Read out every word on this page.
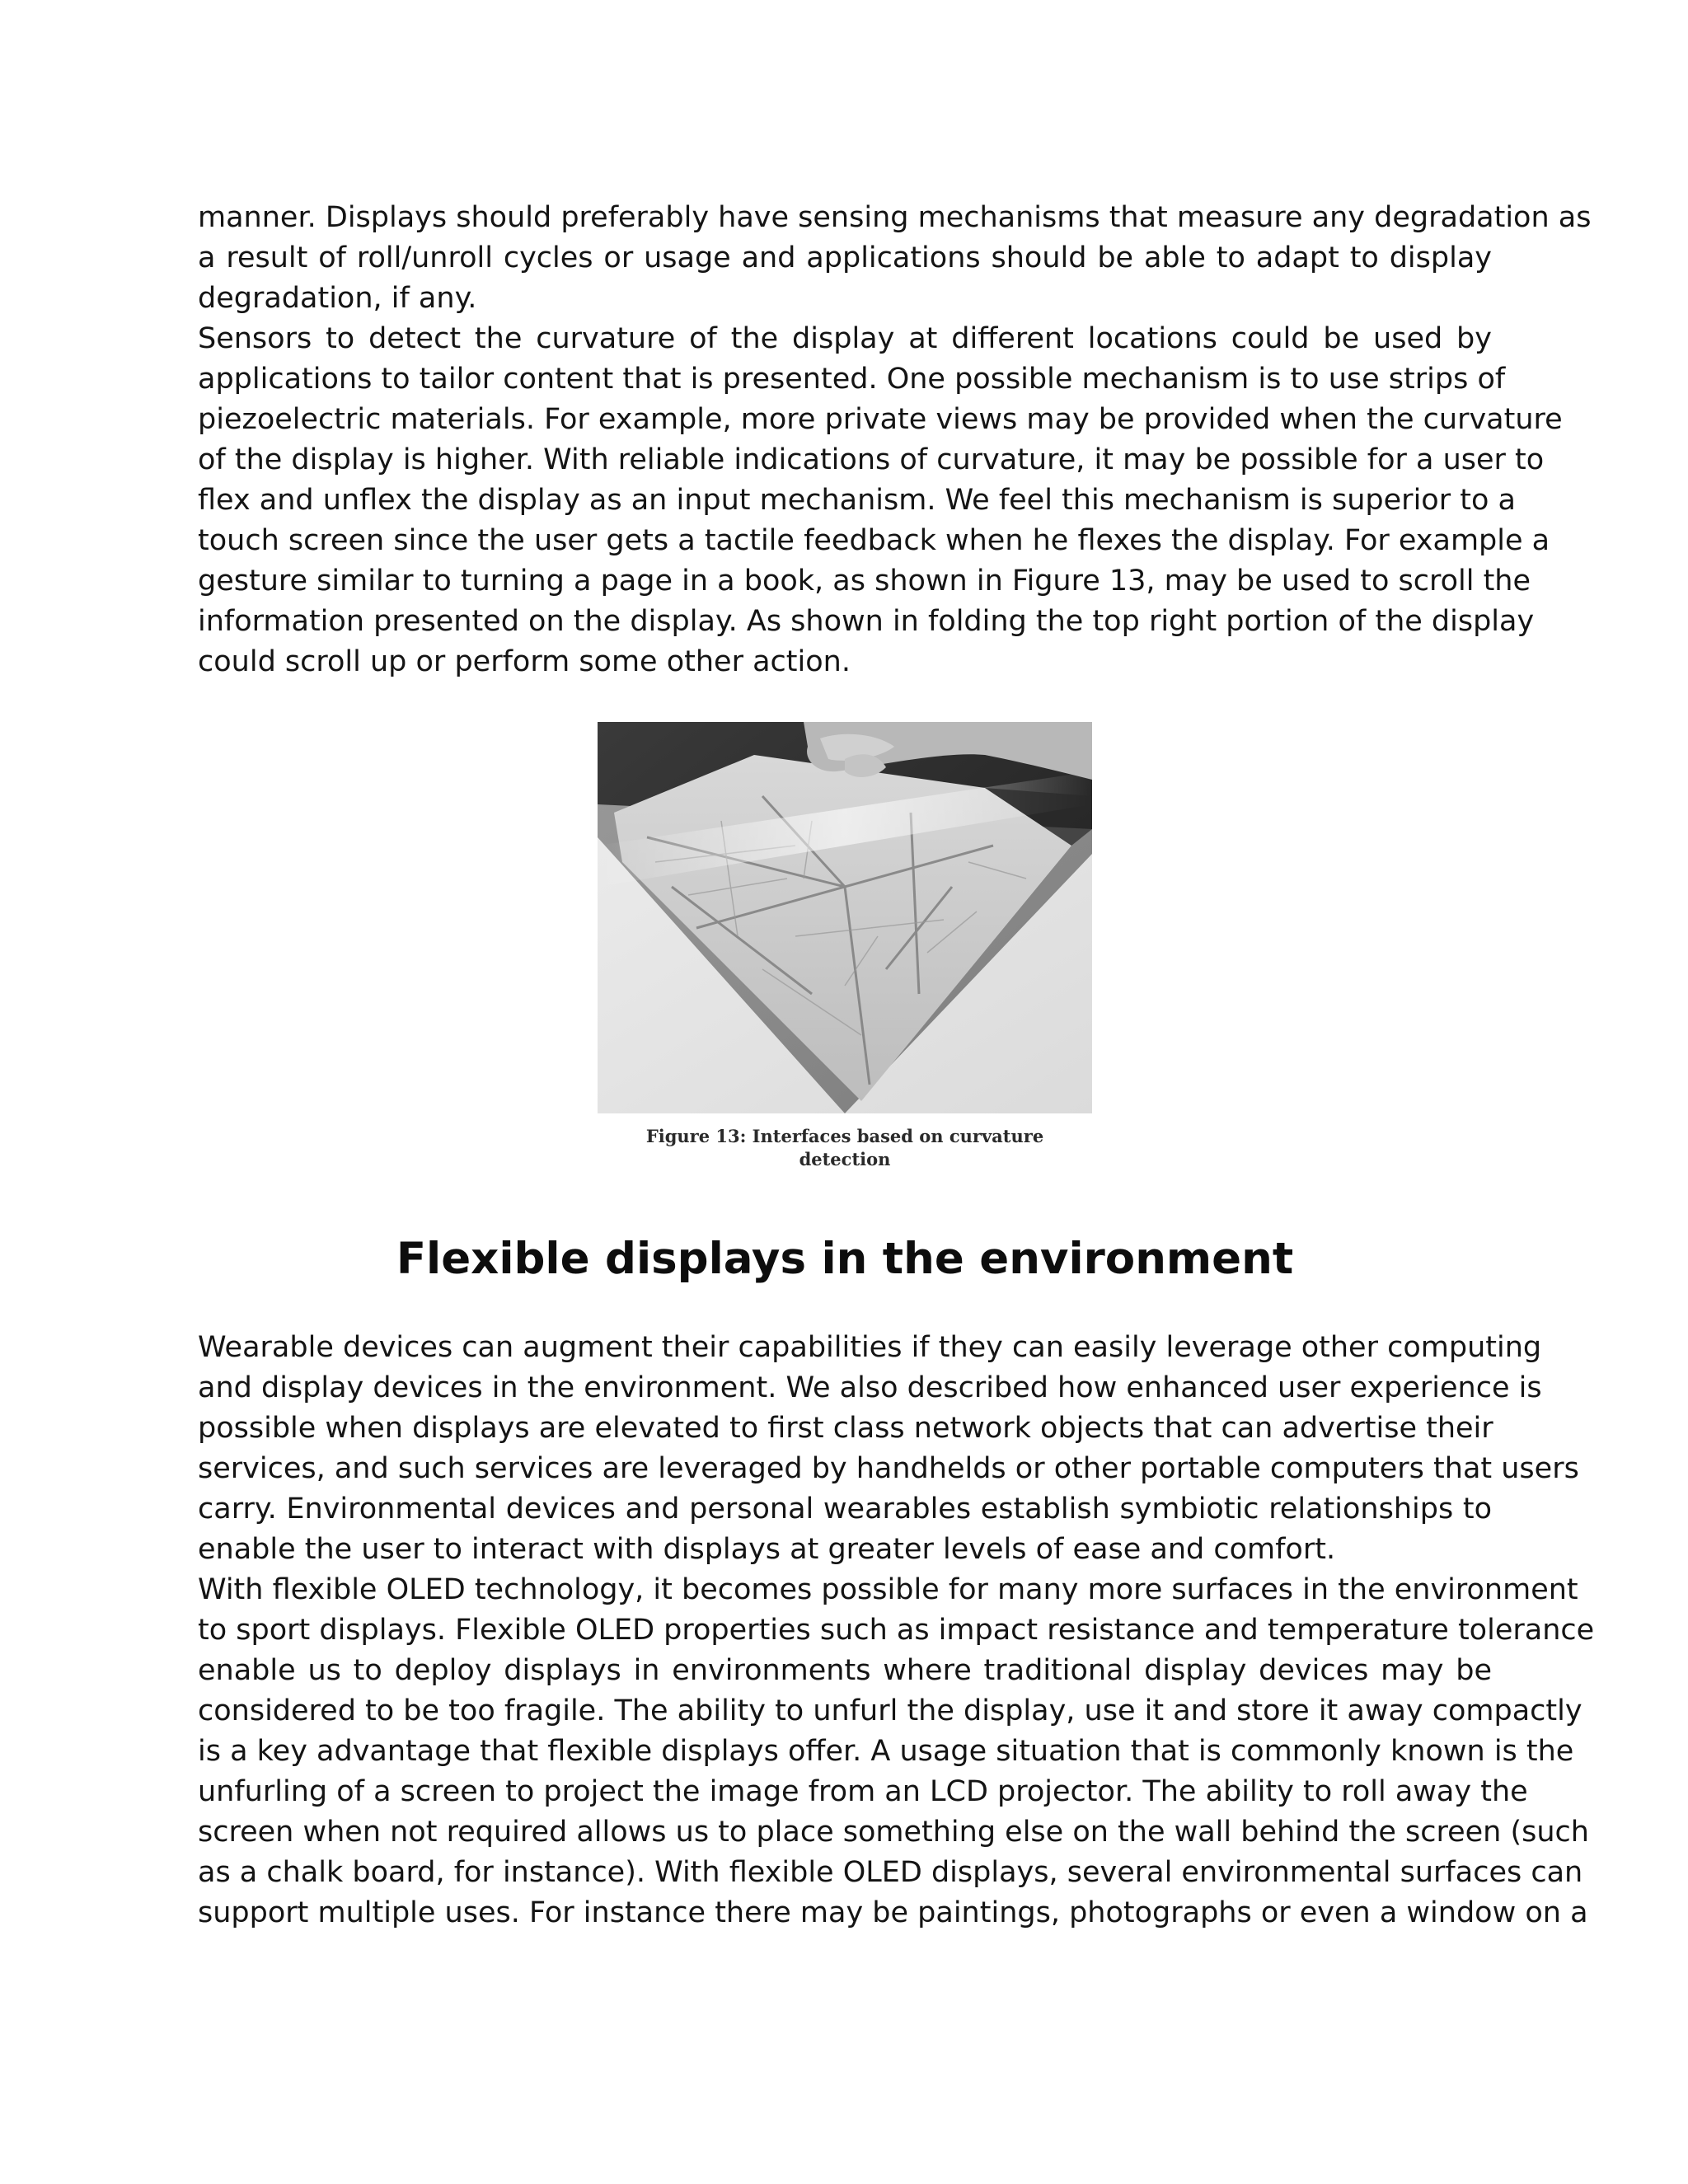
manner. Displays should preferably have sensing mechanisms that measure any degradation as
a result of roll/unroll cycles or usage and applications should be able to adapt to display
degradation, if any.

Sensors to detect the curvature of the display at different locations could be used by
applications to tailor content that is presented. One possible mechanism is to use strips of
piezoelectric materials. For example, more private views may be provided when the curvature
of the display is higher. With reliable indications of curvature, it may be possible for a user to
flex and unflex the display as an input mechanism. We feel this mechanism is superior to a
touch screen since the user gets a tactile feedback when he flexes the display. For example a
gesture similar to turning a page in a book, as shown in Figure 13, may be used to scroll the
information presented on the display. As shown in folding the top right portion of the display
could scroll up or perform some other action.

Figure 13: Interfaces based on curvature detection
Flexible displays in the environment

Wearable devices can augment their capabilities if they can easily leverage other computing
and display devices in the environment. We also described how enhanced user experience is
possible when displays are elevated to first class network objects that can advertise their
services, and such services are leveraged by handhelds or other portable computers that users
carry. Environmental devices and personal wearables establish symbiotic relationships to
enable the user to interact with displays at greater levels of ease and comfort.

With flexible OLED technology, it becomes possible for many more surfaces in the environment
to sport displays. Flexible OLED properties such as impact resistance and temperature tolerance
enable us to deploy displays in environments where traditional display devices may be
considered to be too fragile. The ability to unfurl the display, use it and store it away compactly
is a key advantage that flexible displays offer. A usage situation that is commonly known is the
unfurling of a screen to project the image from an LCD projector. The ability to roll away the
screen when not required allows us to place something else on the wall behind the screen (such
as a chalk board, for instance). With flexible OLED displays, several environmental surfaces can
support multiple uses. For instance there may be paintings, photographs or even a window on a
